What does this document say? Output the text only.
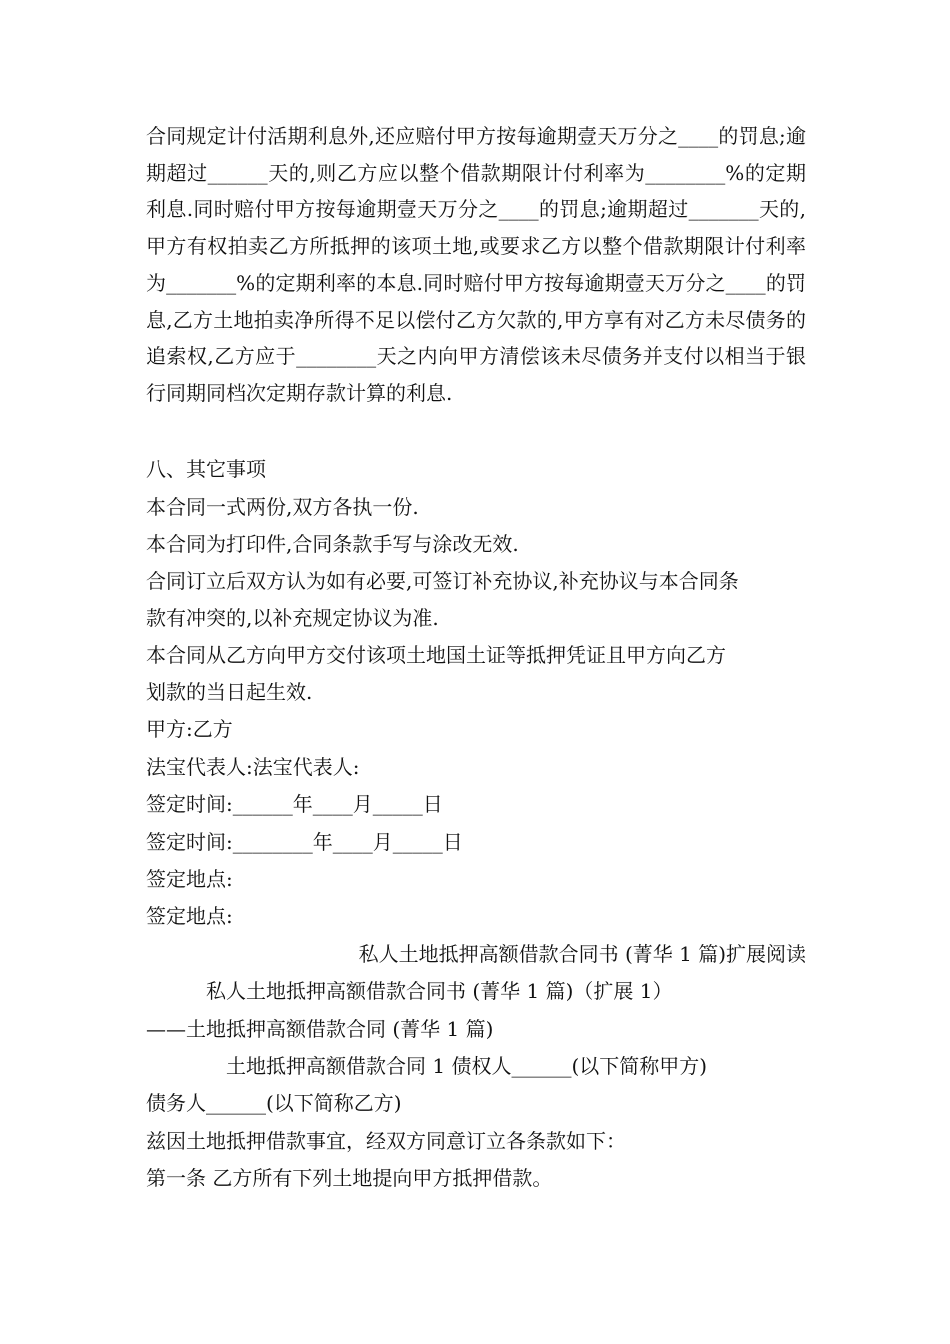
合同规定计付活期利息外,还应赔付甲方按每逾期壹天万分之____的罚息;逾期超过______天的,则乙方应以整个借款期限计付利率为________%的定期利息.同时赔付甲方按每逾期壹天万分之____的罚息;逾期超过_______天的,甲方有权拍卖乙方所抵押的该项土地,或要求乙方以整个借款期限计付利率为_______%的定期利率的本息.同时赔付甲方按每逾期壹天万分之____的罚息,乙方土地拍卖净所得不足以偿付乙方欠款的,甲方享有对乙方未尽债务的追索权,乙方应于________天之内向甲方清偿该未尽债务并支付以相当于银行同期同档次定期存款计算的利息.

八、其它事项
本合同一式两份,双方各执一份.
本合同为打印件,合同条款手写与涂改无效.
合同订立后双方认为如有必要,可签订补充协议,补充协议与本合同条
款有冲突的,以补充规定协议为准.
本合同从乙方向甲方交付该项土地国土证等抵押凭证且甲方向乙方
划款的当日起生效.
甲方:乙方
法宝代表人:法宝代表人:
签定时间:______年____月_____日
签定时间:________年____月_____日
签定地点:
签定地点:
私人土地抵押高额借款合同书 (菁华 1 篇)扩展阅读
私人土地抵押高额借款合同书 (菁华 1 篇)（扩展 1）
——土地抵押高额借款合同 (菁华 1 篇)
土地抵押高额借款合同 1 债权人______(以下简称甲方)
债务人______(以下简称乙方)
兹因土地抵押借款事宜，经双方同意订立各条款如下：
第一条 乙方所有下列土地提向甲方抵押借款。
